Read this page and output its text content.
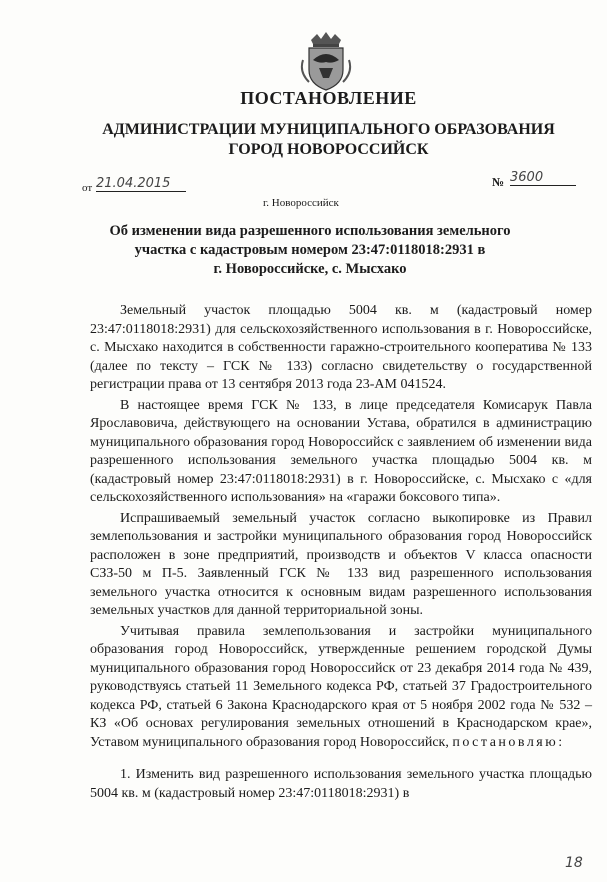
ПОСТАНОВЛЕНИЕ
АДМИНИСТРАЦИИ МУНИЦИПАЛЬНОГО ОБРАЗОВАНИЯ
ГОРОД НОВОРОССИЙСК
от 21.04.2015
г. Новороссийск
№ 3600
Об изменении вида разрешенного использования земельного
участка с кадастровым номером 23:47:0118018:2931 в
г. Новороссийске, с. Мысхако

Земельный участок площадью 5004 кв. м (кадастровый номер 23:47:0118018:2931) для сельскохозяйственного использования в г. Новороссийске, с. Мысхако находится в собственности гаражно-строительного кооператива № 133 (далее по тексту – ГСК № 133) согласно свидетельству о государственной регистрации права от 13 сентября 2013 года 23-АМ 041524.

В настоящее время ГСК № 133, в лице председателя Комисарук Павла Ярославовича, действующего на основании Устава, обратился в администрацию муниципального образования город Новороссийск с заявлением об изменении вида разрешенного использования земельного участка площадью 5004 кв. м (кадастровый номер 23:47:0118018:2931) в г. Новороссийске, с. Мысхако с «для сельскохозяйственного использования» на «гаражи боксового типа».

Испрашиваемый земельный участок согласно выкопировке из Правил землепользования и застройки муниципального образования город Новороссийск расположен в зоне предприятий, производств и объектов V класса опасности СЗЗ-50 м П-5. Заявленный ГСК № 133 вид разрешенного использования земельного участка относится к основным видам разрешенного использования земельных участков для данной территориальной зоны.

Учитывая правила землепользования и застройки муниципального образования город Новороссийск, утвержденные решением городской Думы муниципального образования город Новороссийск от 23 декабря 2014 года № 439, руководствуясь статьей 11 Земельного кодекса РФ, статьей 37 Градостроительного кодекса РФ, статьей 6 Закона Краснодарского края от 5 ноября 2002 года № 532 – КЗ «Об основах регулирования земельных отношений в Краснодарском крае», Уставом муниципального образования город Новороссийск, постановляю:

1. Изменить вид разрешенного использования земельного участка площадью 5004 кв. м (кадастровый номер 23:47:0118018:2931) в

18
